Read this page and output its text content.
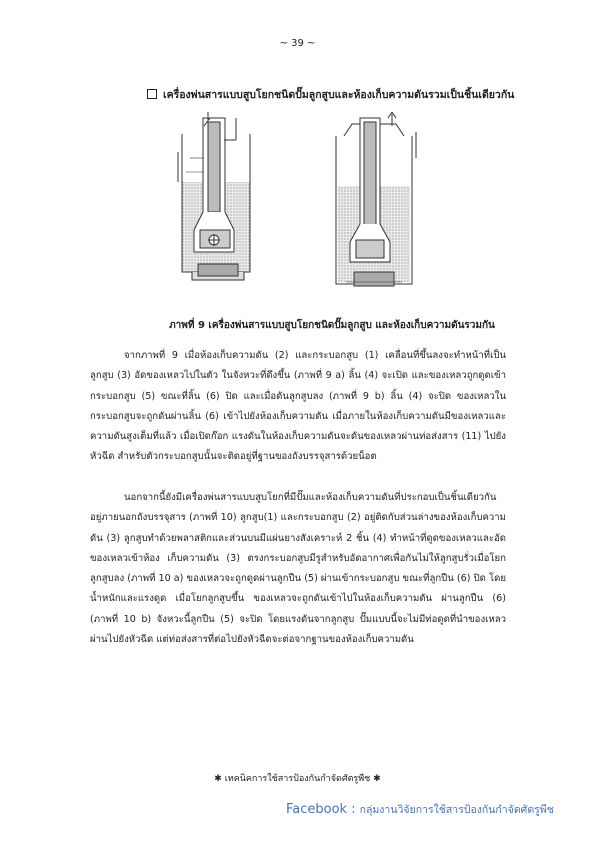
~ 39 ~
เครื่องพ่นสารแบบสูบโยกชนิดปั๊มลูกสูบและห้องเก็บความดันรวมเป็นชิ้นเดียวกัน
ภาพที่ 9 เครื่องพ่นสารแบบสูบโยกชนิดปั๊มลูกสูบ และห้องเก็บความดันรวมกัน

จากภาพที่ 9 เมื่อห้องเก็บความดัน (2) และกระบอกสูบ (1) เคลื่อนที่ขึ้นลงจะทำหน้าที่เป็นลูกสูบ (3) อัดของเหลวไปในตัว ในจังหวะที่ดึงขึ้น (ภาพที่ 9 a) ลิ้น (4) จะเปิด และของเหลวถูกดูดเข้ากระบอกสูบ (5) ขณะที่ลิ้น (6) ปิด และเมื่อดันลูกสูบลง (ภาพที่ 9 b) ลิ้น (4) จะปิด ของเหลวในกระบอกสูบจะถูกดันผ่านลิ้น (6) เข้าไปยังห้องเก็บความดัน เมื่อภายในห้องเก็บความดันมีของเหลวและความดันสูงเต็มที่แล้ว เมื่อเปิดก๊อก แรงดันในห้องเก็บความดันจะดันของเหลวผ่านท่อส่งสาร (11) ไปยังหัวฉีด สำหรับตัวกระบอกสูบนั้นจะติดอยู่ที่ฐานของถังบรรจุสารด้วยน็อต

นอกจากนี้ยังมีเครื่องพ่นสารแบบสูบโยกที่มีปั๊มและห้องเก็บความดันที่ประกอบเป็นชิ้นเดียวกันอยู่ภายนอกถังบรรจุสาร (ภาพที่ 10) ลูกสูบ(1) และกระบอกสูบ (2) อยู่ติดกับส่วนล่างของห้องเก็บความดัน (3) ลูกสูบทำด้วยพลาสติกและส่วนบนมีแผ่นยางสังเคราะห์ 2 ชิ้น (4) ทำหน้าที่ดูดของเหลวและอัดของเหลวเข้าห้อง เก็บความดัน (3) ตรงกระบอกสูบมีรูสำหรับอัดอากาศเพื่อกันไม่ให้ลูกสูบรั่วเมื่อโยกลูกสูบลง (ภาพที่ 10 a) ของเหลวจะถูกดูดผ่านลูกปืน (5) ผ่านเข้ากระบอกสูบ ขณะที่ลูกปืน (6) ปิด โดยน้ำหนักและแรงดูด เมื่อโยกลูกสูบขึ้น ของเหลวจะถูกดันเข้าไปในห้องเก็บความดัน ผ่านลูกปืน (6) (ภาพที่ 10 b) จังหวะนี้ลูกปืน (5) จะปิด โดยแรงดันจากลูกสูบ ปั๊มแบบนี้จะไม่มีท่อดูดที่นำของเหลวผ่านไปยังหัวฉีด แต่ท่อส่งสารที่ต่อไปยังหัวฉีดจะต่อจากฐานของห้องเก็บความดัน

✱ เทคนิคการใช้สารป้องกันกำจัดศัตรูพืช ✱
Facebook : กลุ่มงานวิจัยการใช้สารป้องกันกำจัดศัตรูพืช
